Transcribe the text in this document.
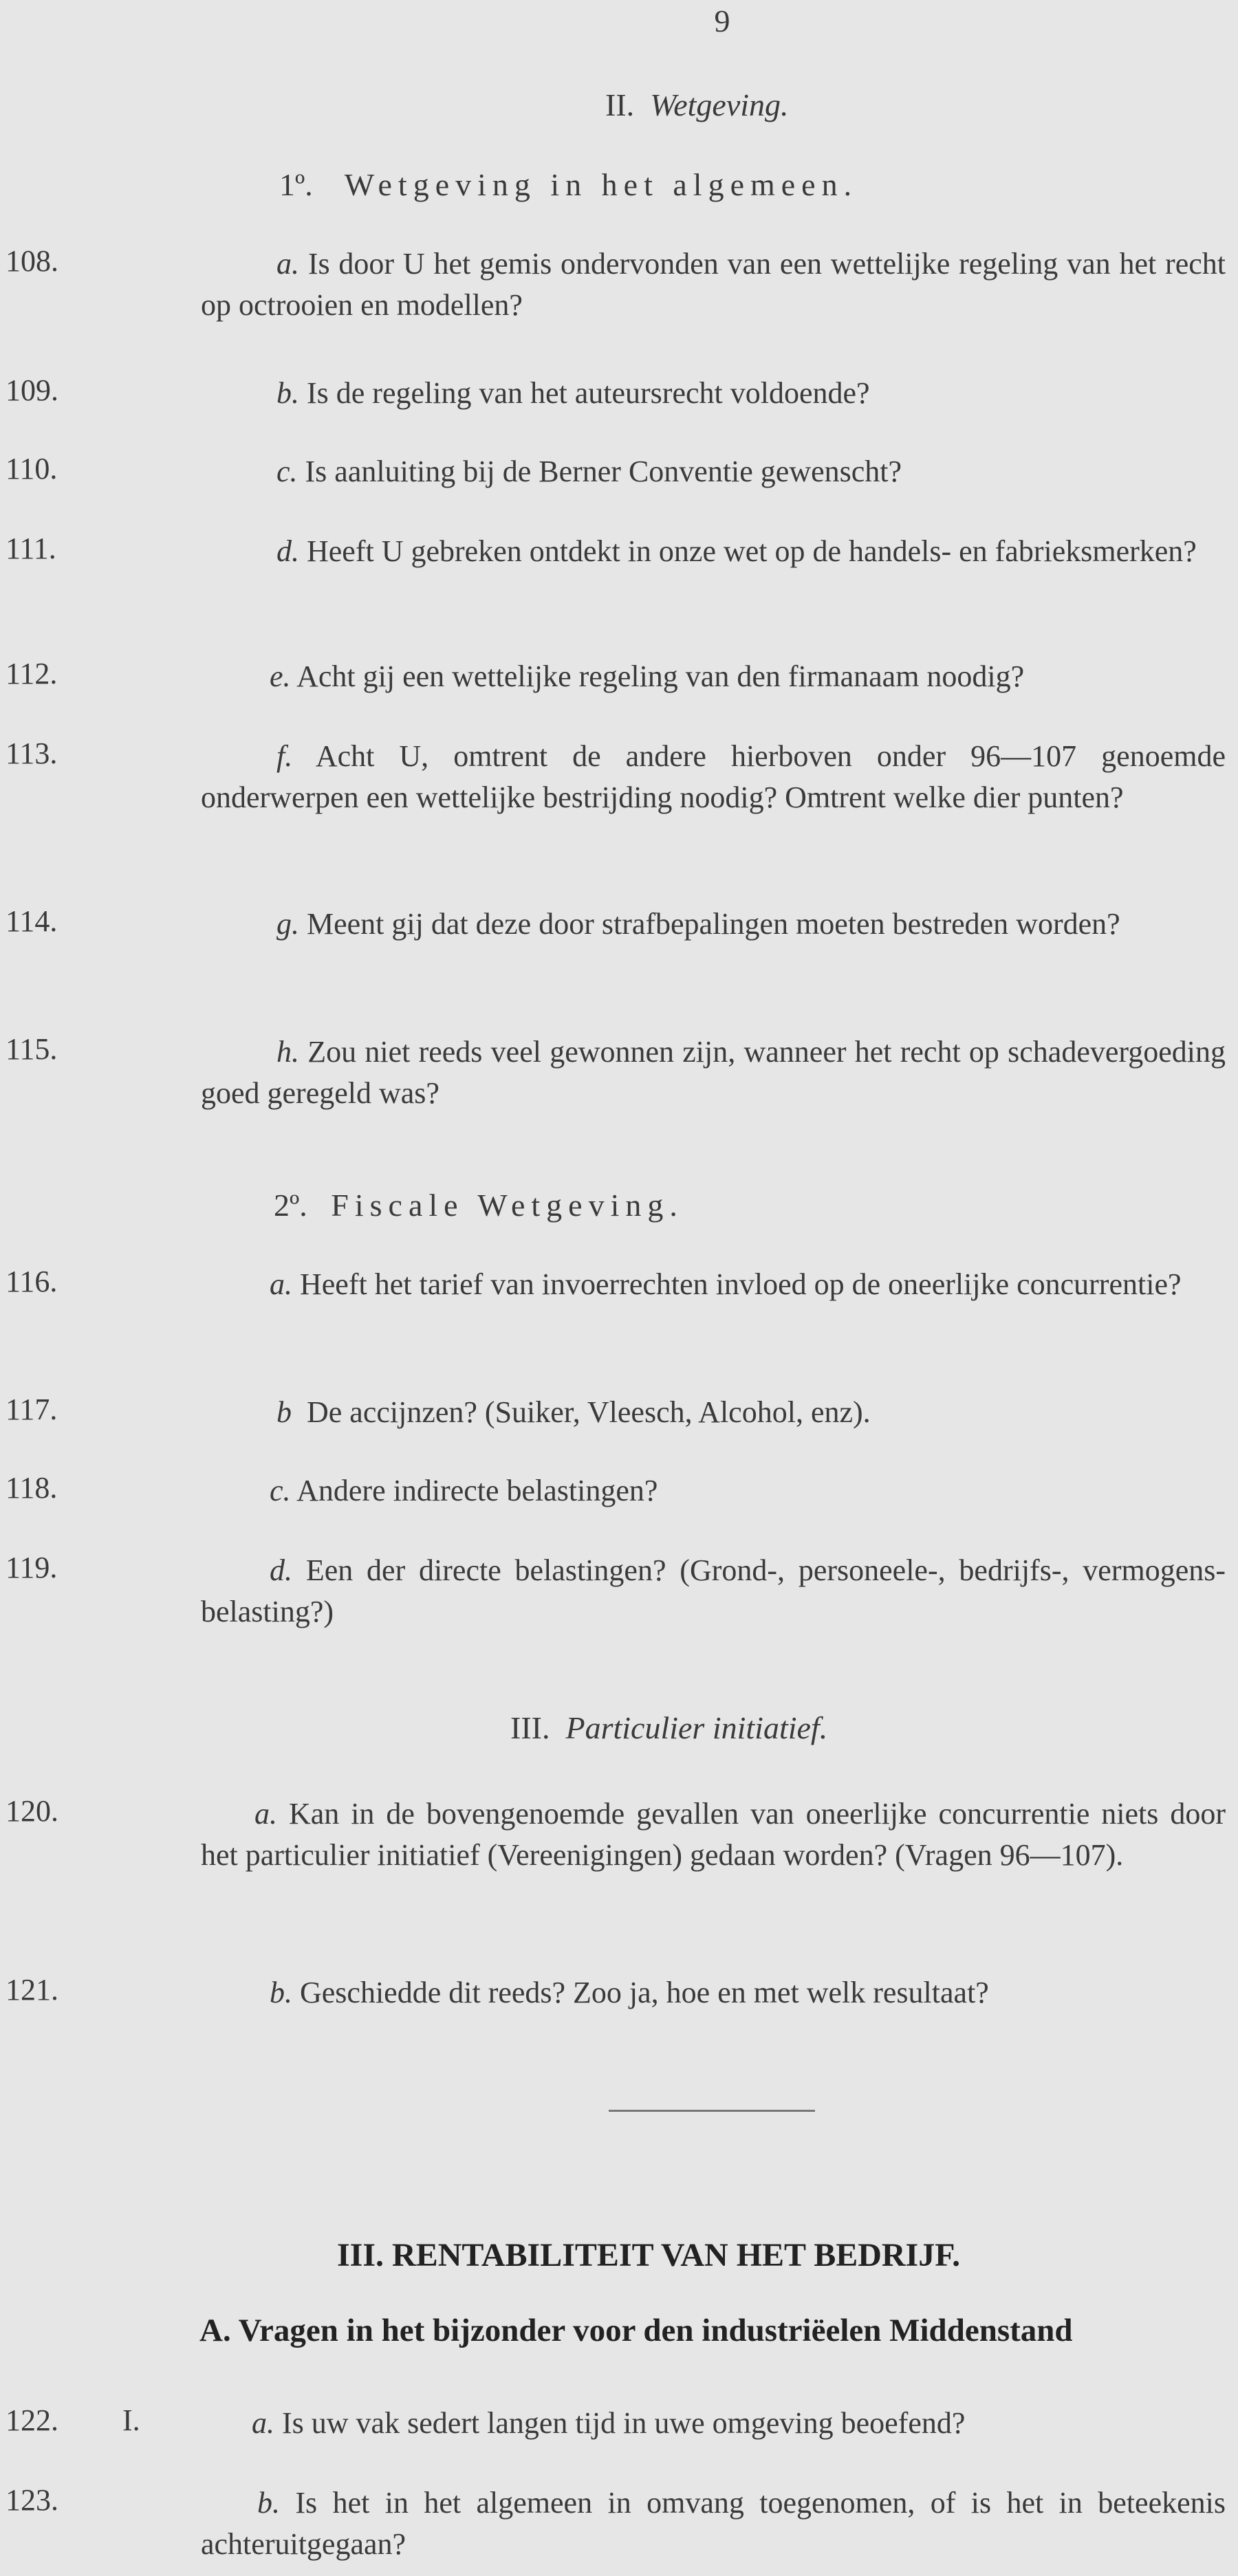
9
II. Wetgeving.
1º. Wetgeving in het algemeen.
108.	a. Is door U het gemis ondervonden van een wettelijke regeling van het recht op octrooien en modellen?
109.	b. Is de regeling van het auteursrecht voldoende?
110.	c. Is aanluiting bij de Berner Conventie gewenscht?
111.	d. Heeft U gebreken ontdekt in onze wet op de handels- en fabrieksmerken?
112.	e. Acht gij een wettelijke regeling van den firmanaam noodig?
113.	f. Acht U, omtrent de andere hierboven onder 96—107 genoemde onderwerpen een wettelijke bestrijding noodig? Omtrent welke dier punten?
114.	g. Meent gij dat deze door strafbepalingen moeten bestreden worden?
115.	h. Zou niet reeds veel gewonnen zijn, wanneer het recht op schadevergoeding goed geregeld was?
2º. Fiscale Wetgeving.
116.	a. Heeft het tarief van invoerrechten invloed op de oneerlijke concurrentie?
117.	b De accijnzen? (Suiker, Vleesch, Alcohol, enz).
118.	c. Andere indirecte belastingen?
119.	d. Een der directe belastingen? (Grond-, personeele-, bedrijfs-, vermogens-belasting?)
III. Particulier initiatief.
120.	a. Kan in de bovengenoemde gevallen van oneerlijke concurrentie niets door het particulier initiatief (Vereenigingen) gedaan worden? (Vragen 96—107).
121.	b. Geschiedde dit reeds? Zoo ja, hoe en met welk resultaat?
III. RENTABILITEIT VAN HET BEDRIJF.
A. Vragen in het bijzonder voor den industriëelen Middenstand
122. I.	a. Is uw vak sedert langen tijd in uwe omgeving beoefend?
123.	b. Is het in het algemeen in omvang toegenomen, of is het in beteekenis achteruitgegaan?
